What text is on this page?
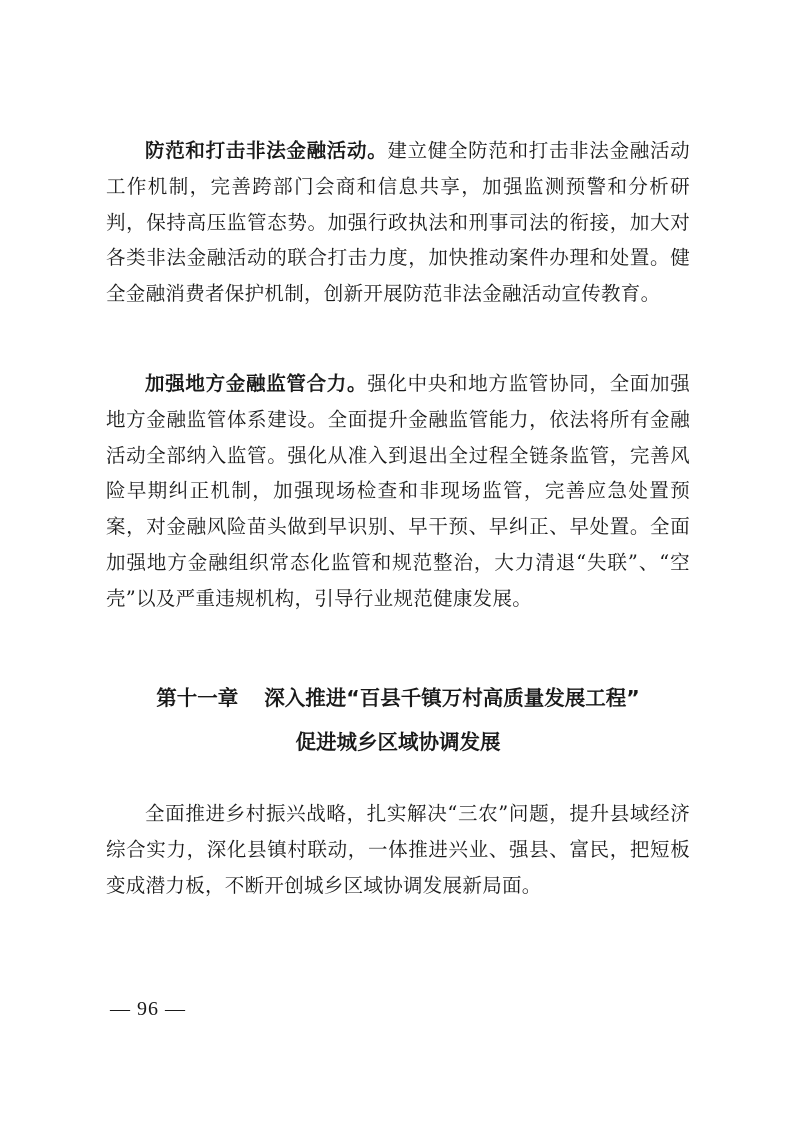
防范和打击非法金融活动。建立健全防范和打击非法金融活动工作机制，完善跨部门会商和信息共享，加强监测预警和分析研判，保持高压监管态势。加强行政执法和刑事司法的衔接，加大对各类非法金融活动的联合打击力度，加快推动案件办理和处置。健全金融消费者保护机制，创新开展防范非法金融活动宣传教育。

加强地方金融监管合力。强化中央和地方监管协同，全面加强地方金融监管体系建设。全面提升金融监管能力，依法将所有金融活动全部纳入监管。强化从准入到退出全过程全链条监管，完善风险早期纠正机制，加强现场检查和非现场监管，完善应急处置预案，对金融风险苗头做到早识别、早干预、早纠正、早处置。全面加强地方金融组织常态化监管和规范整治，大力清退“失联”、“空壳”以及严重违规机构，引导行业规范健康发展。

第十一章 深入推进“百县千镇万村高质量发展工程”

促进城乡区域协调发展

全面推进乡村振兴战略，扎实解决“三农”问题，提升县域经济综合实力，深化县镇村联动，一体推进兴业、强县、富民，把短板变成潜力板，不断开创城乡区域协调发展新局面。

— 96 —
